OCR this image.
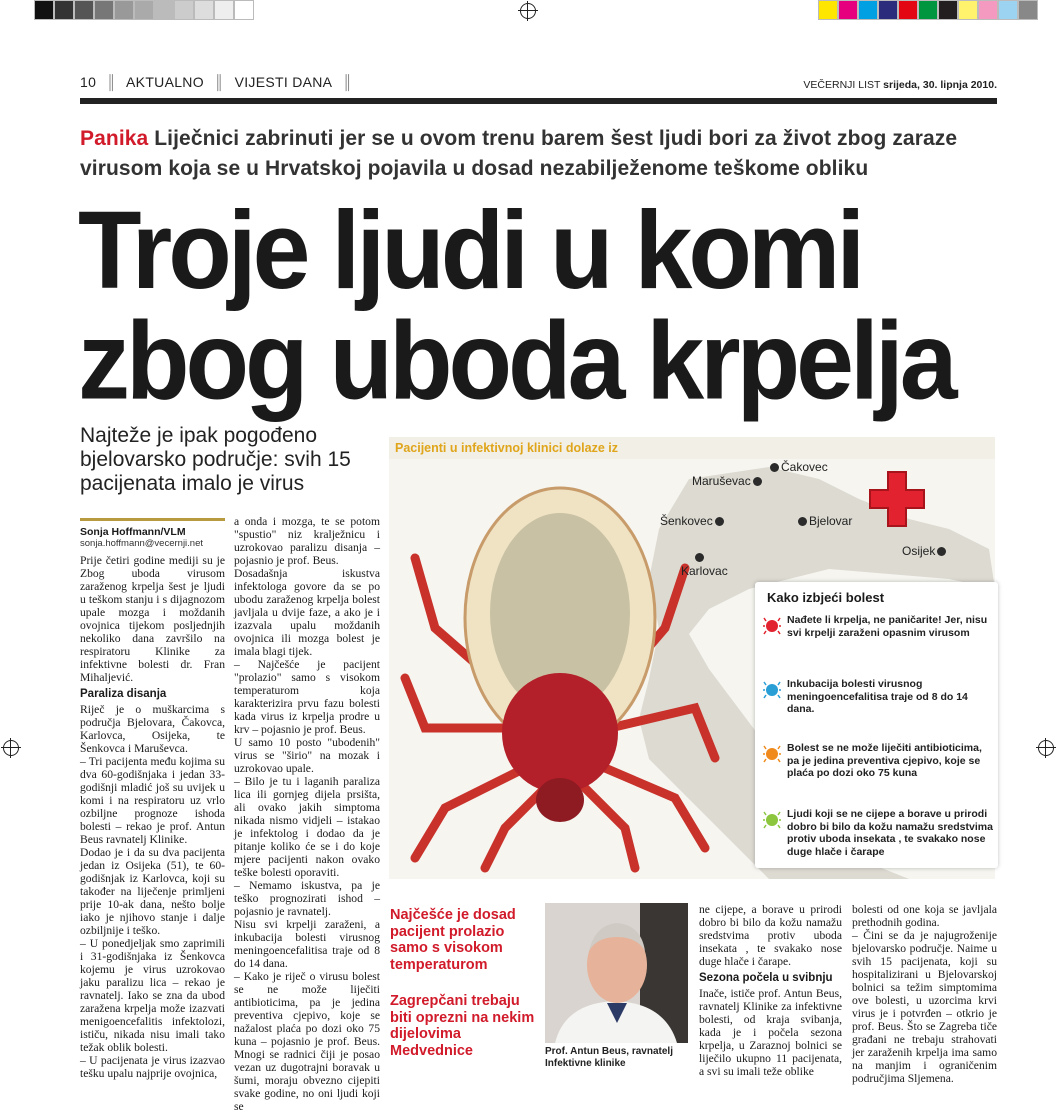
10 ║ AKTUALNO ║ VIJESTI DANA ║	VEČERNJI LIST srijeda, 30. lipnja 2010.
Panika Liječnici zabrinuti jer se u ovom trenu barem šest ljudi bori za život zbog zaraze virusom koja se u Hrvatskoj pojavila u dosad nezabilježenome teškome obliku
Troje ljudi u komi
zbog uboda krpelja
Najteže je ipak pogođeno bjelovarsko područje: svih 15 pacijenata imalo je virus
Sonja Hoffmann/VLM
sonja.hoffmann@vecernji.net

Prije četiri godine mediji su je Zbog uboda virusom zaraženog krpelja šest je ljudi u teškom stanju i s dijagnozom upale mozga i moždanih ovojnica tijekom posljednjih nekoliko dana završilo na respiratoru Klinike za infektivne bolesti dr. Fran Mihaljević.

Paraliza disanja

Riječ je o muškarcima s područja Bjelovara, Čakovca, Karlovca, Osijeka, te Šenkovca i Maruševca.

– Tri pacijenta među kojima su dva 60-godišnjaka i jedan 33-godišnji mladić još su uvijek u komi i na respiratoru uz vrlo ozbiljne prognoze ishoda bolesti – rekao je prof. Antun Beus ravnatelj Klinike.

Dodao je i da su dva pacijenta jedan iz Osijeka (51), te 60-godišnjak iz Karlovca, koji su također na liječenje primljeni prije 10-ak dana, nešto bolje iako je njihovo stanje i dalje ozbiljnije i teško.

– U ponedjeljak smo zaprimili i 31-godišnjaka iz Šenkovca kojemu je virus uzrokovao jaku paralizu lica – rekao je ravnatelj. Iako se zna da ubod zaražena krpelja može izazvati menigoencefalitis infektolozi, ističu, nikada nisu imali tako težak oblik bolesti.

– U pacijenata je virus izazvao tešku upalu najprije ovojnica,

a onda i mozga, te se potom "spustio" niz kralježnicu i uzrokovao paralizu disanja – pojasnio je prof. Beus.

Dosadašnja iskustva infektologa govore da se po ubodu zaraženog krpelja bolest javljala u dvije faze, a ako je i izazvala upalu moždanih ovojnica ili mozga bolest je imala blagi tijek.

– Najčešće je pacijent "prolazio" samo s visokom temperaturom koja karakterizira prvu fazu bolesti kada virus iz krpelja prodre u krv – pojasnio je prof. Beus.

U samo 10 posto "ubodenih" virus se "širio" na mozak i uzrokovao upale.

– Bilo je tu i laganih paraliza lica ili gornjeg dijela prsišta, ali ovako jakih simptoma nikada nismo vidjeli – istakao je infektolog i dodao da je pitanje koliko će se i do koje mjere pacijenti nakon ovako teške bolesti oporaviti.

– Nemamo iskustva, pa je teško prognozirati ishod – pojasnio je ravnatelj.

Nisu svi krpelji zaraženi, a inkubacija bolesti virusnog meningoencefalitisa traje od 8 do 14 dana.

– Kako je riječ o virusu bolest se ne može liječiti antibioticima, pa je jedina preventiva cjepivo, koje se nažalost plaća po dozi oko 75 kuna – pojasnio je prof. Beus. Mnogi se radnici čiji je posao vezan uz dugotrajni boravak u šumi, moraju obvezno cijepiti svake godine, no oni ljudi koji se

Pacijenti u infektivnoj klinici dolaze iz
Maruševac
Čakovec
Šenkovec	Bjelovar

Karlovac
Osijek
Kako izbjeći bolest
Nađete li krpelja, ne paničarite! Jer, nisu svi krpelji zaraženi opasnim virusom
Inkubacija bolesti virusnog meningoencefalitisa traje od 8 do 14 dana.
Bolest se ne može liječiti antibioticima, pa je jedina preventiva cjepivo, koje se plaća po dozi oko 75 kuna
Ljudi koji se ne cijepe a borave u prirodi dobro bi bilo da kožu namažu sredstvima protiv uboda insekata , te svakako nose duge hlače i čarape
Najčešće je dosad pacijent prolazio samo s visokom temperaturom
Zagrepčani trebaju biti oprezni na nekim dijelovima Medvednice	Prof. Antun Beus, ravnatelj Infektivne klinike

ne cijepe, a borave u prirodi dobro bi bilo da kožu namažu sredstvima protiv uboda insekata , te svakako nose duge hlače i čarape.

Sezona počela u svibnju

Inače, ističe prof. Antun Beus, ravnatelj Klinike za infektivne bolesti, od kraja svibanja, kada je i počela sezona krpelja, u Zaraznoj bolnici se liječilo ukupno 11 pacijenata, a svi su imali teže oblike

bolesti od one koja se javljala prethodnih godina.

– Čini se da je najugroženije bjelovarsko područje. Naime u svih 15 pacijenata, koji su hospitalizirani u Bjelovarskoj bolnici sa težim simptomima ove bolesti, u uzorcima krvi virus je i potvrđen – otkrio je prof. Beus. Što se Zagreba tiče građani ne trebaju strahovati jer zaraženih krpelja ima samo na manjim i ograničenim područjima Sljemena.
